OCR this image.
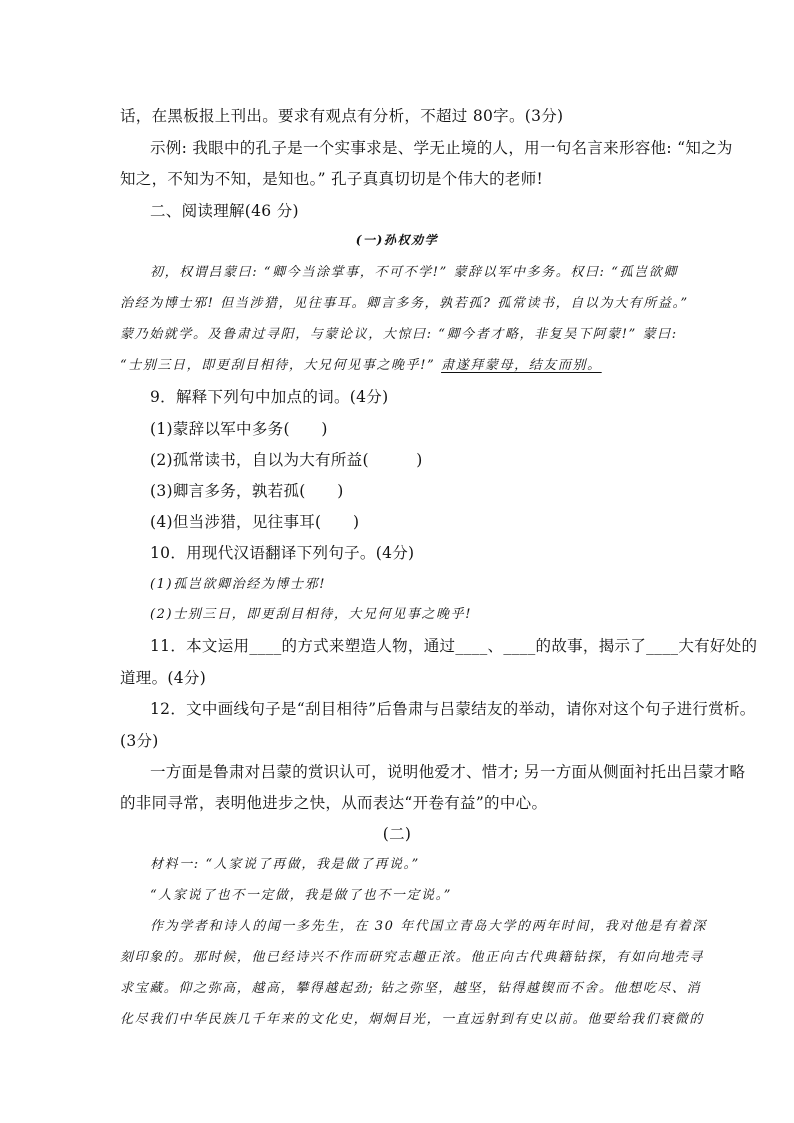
话，在黑板报上刊出。要求有观点有分析，不超过 80字。(3分)
示例: 我眼中的孔子是一个实事求是、学无止境的人，用一句名言来形容他: “知之为
知之，不知为不知，是知也。” 孔子真真切切是个伟大的老师!
二、阅读理解(46 分)
(一)孙权劝学
初，权谓吕蒙曰: “卿今当涂掌事，不可不学!” 蒙辞以军中多务。权曰: “孤岂欲卿
治经为博士邪! 但当涉猎，见往事耳。卿言多务，孰若孤? 孤常读书，自以为大有所益。”
蒙乃始就学。及鲁肃过寻阳，与蒙论议，大惊曰: “卿今者才略，非复吴下阿蒙!” 蒙曰:
“士别三日，即更刮目相待，大兄何见事之晚乎!” 肃遂拜蒙母，结友而别。
9．解释下列句中加点的词。(4分)
(1)蒙辞以军中多务(　　)
(2)孤常读书，自以为大有所益(　　　)
(3)卿言多务，孰若孤(　　)
(4)但当涉猎，见往事耳(　　)
10．用现代汉语翻译下列句子。(4分)
(1)孤岂欲卿治经为博士邪!
(2)士别三日，即更刮目相待，大兄何见事之晚乎!
11．本文运用____的方式来塑造人物，通过____、____的故事，揭示了____大有好处的
道理。(4分)
12．文中画线句子是“刮目相待”后鲁肃与吕蒙结友的举动，请你对这个句子进行赏析。
(3分)
一方面是鲁肃对吕蒙的赏识认可，说明他爱才、惜才; 另一方面从侧面衬托出吕蒙才略
的非同寻常，表明他进步之快，从而表达“开卷有益”的中心。
(二)
材料一: “人家说了再做，我是做了再说。”
“人家说了也不一定做，我是做了也不一定说。”
作为学者和诗人的闻一多先生，在 30 年代国立青岛大学的两年时间，我对他是有着深
刻印象的。那时候，他已经诗兴不作而研究志趣正浓。他正向古代典籍钻探，有如向地壳寻
求宝藏。仰之弥高，越高，攀得越起劲; 钻之弥坚，越坚，钻得越锲而不舍。他想吃尽、消
化尽我们中华民族几千年来的文化史，炯炯目光，一直远射到有史以前。他要给我们衰微的
